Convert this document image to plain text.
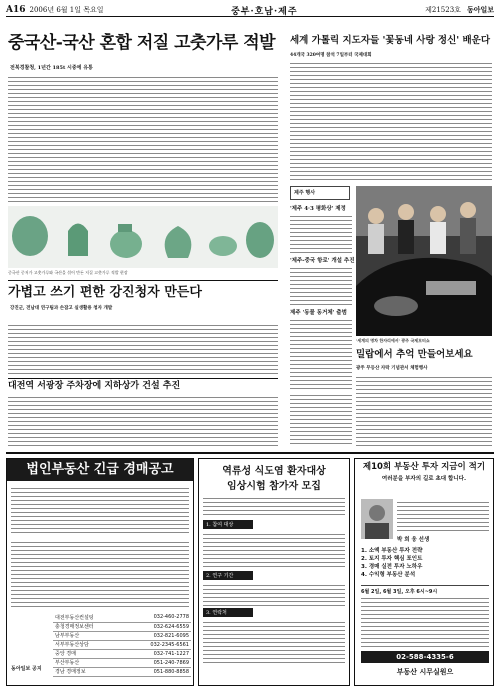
A16 2006년 6월 1일 목요일	중부·호남·제주	제21523호 동아일보
중국산-국산 혼합 저질 고춧가루 적발
전북경찰청, 1년간 185t 시중에 유통
중국산 중저가 고춧가루와 국산을 섞어 만든 저질 고춧가루 적발 현장
가볍고 쓰기 편한 강진청자 만든다
강진군, 전남대 연구팀과 손잡고 실생활용 청자 개발
대전역 서광장 주차장에 지하상가 건설 추진
세계 가톨릭 지도자들 '꽃동네 사랑 정신' 배운다
44개국 320여명 참석 7일부터 국제대회
제주 행사
'제주 4·3 평화상' 제정
'제주-중국 항로' 개설 추진
제주 '동물 동거체' 출범
'세계의 명차 한자리에서' 광주 국제모터쇼
밀랍에서 추억 만들어보세요
광주 무등산 자락 기념관서 체험행사
법인부동산 긴급 경매공고
대전부동산컨설팅	032-460-2778
충청경매정보센터	032-624-6559
남부부동산	032-821-6095
서부부동산상담	032-2345-6561
중앙 경매	032-741-1227
부산부동산	051-240-7869
경남 경매정보	051-880-8858
동아일보 공지
역류성 식도염 환자대상
임상시험 참가자 모집
1. 참여 대상
2. 연구 기간
3. 연락처
제10회 부동산 투자 지금이 적기
여러분을 부자의 길로 초대 합니다.
박 희 웅 선생
1. 소액 부동산 투자 전략
2. 토지 투자 핵심 포인트
3. 경매 실전 투자 노하우
4. 수익형 부동산 분석
6월 2일, 6월 3일, 오후 6시~9시
02-588-4335-6
부동산 시무실원으
